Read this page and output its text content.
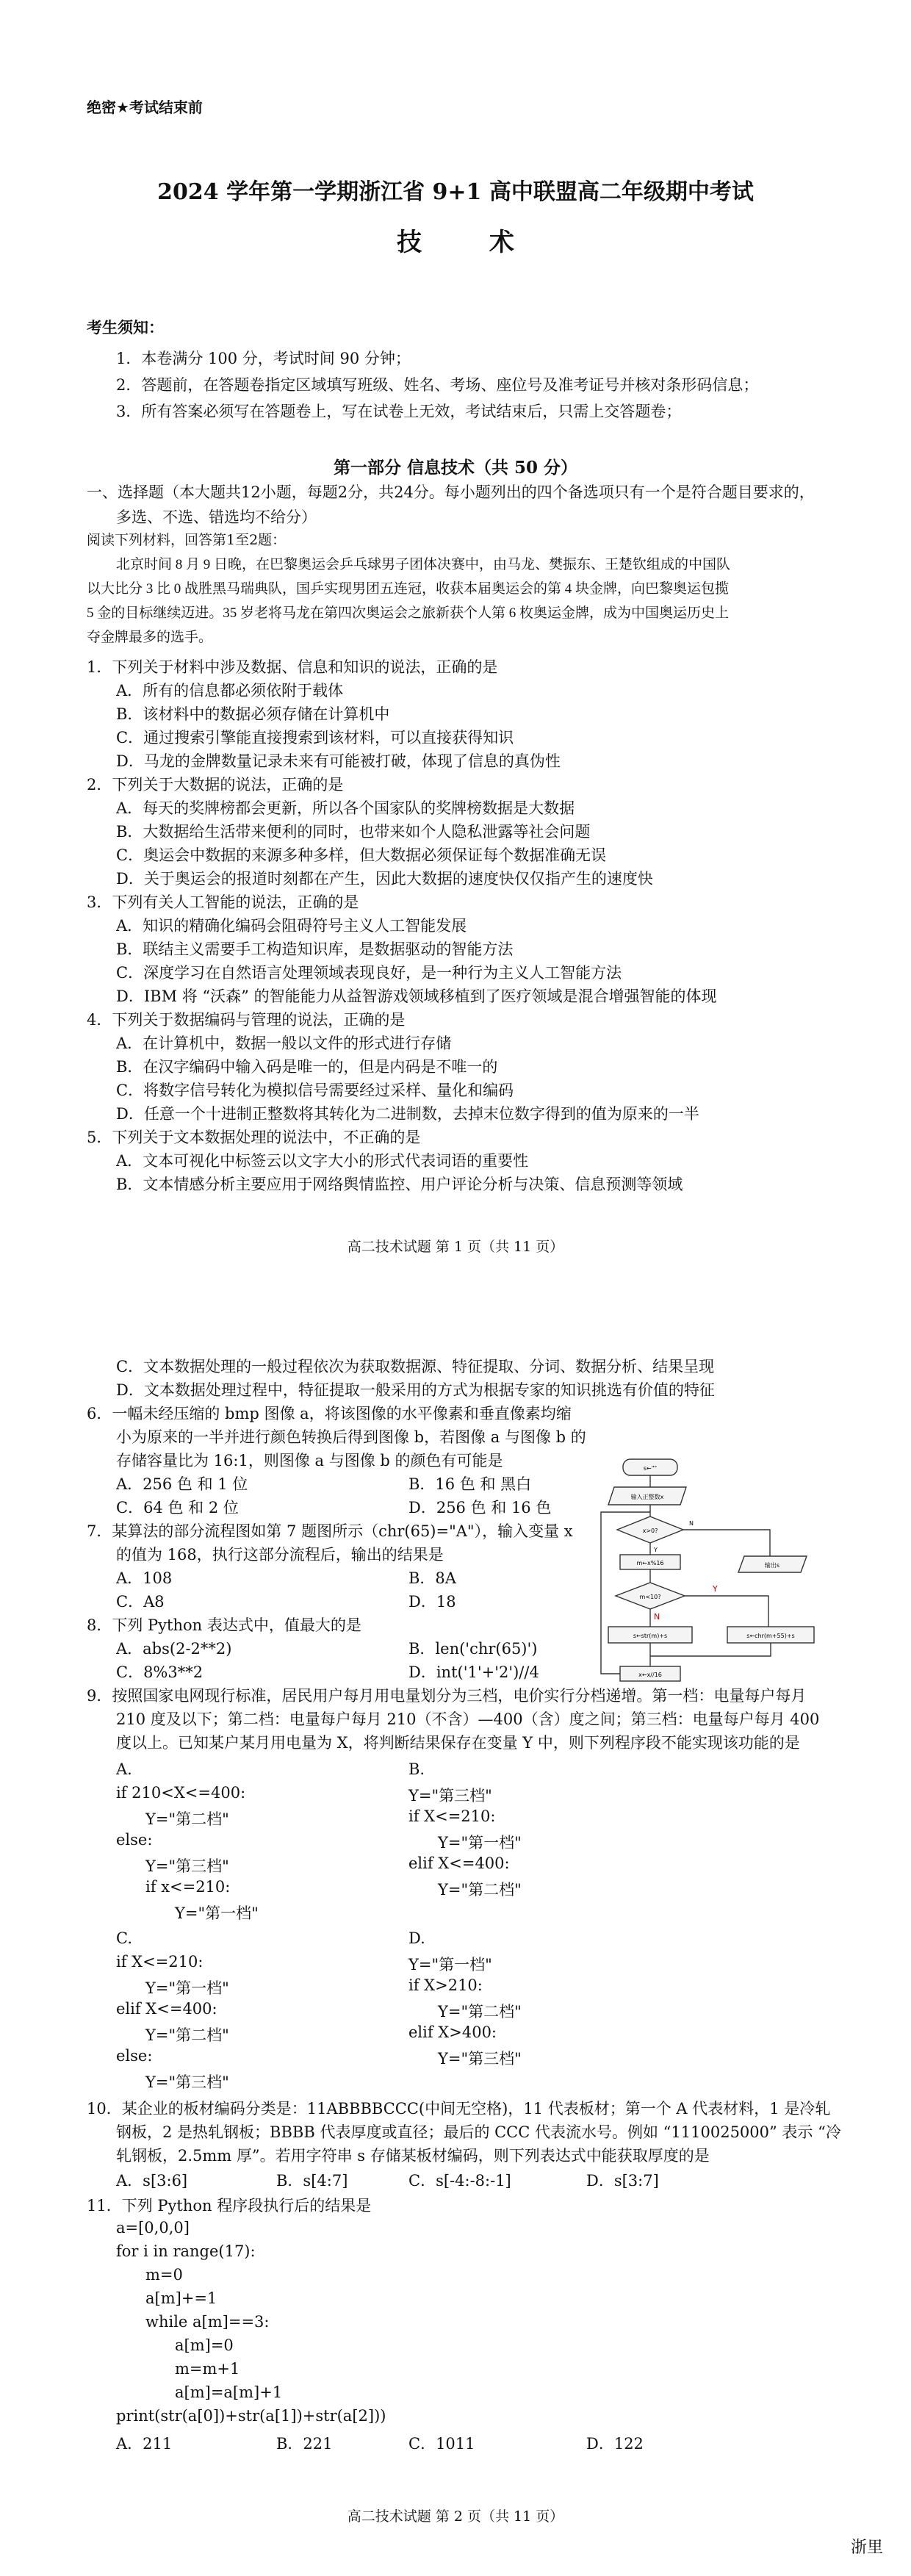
绝密★考试结束前
2024 学年第一学期浙江省 9+1 高中联盟高二年级期中考试
技 术
考生须知：
1．本卷满分 100 分，考试时间 90 分钟；
2．答题前，在答题卷指定区域填写班级、姓名、考场、座位号及准考证号并核对条形码信息；
3．所有答案必须写在答题卷上，写在试卷上无效，考试结束后，只需上交答题卷；
第一部分 信息技术（共 50 分）
一、选择题（本大题共12小题，每题2分，共24分。每小题列出的四个备选项只有一个是符合题目要求的，
多选、不选、错选均不给分）
阅读下列材料，回答第1至2题：
北京时间 8 月 9 日晚，在巴黎奥运会乒乓球男子团体决赛中，由马龙、樊振东、王楚钦组成的中国队
以大比分 3 比 0 战胜黑马瑞典队，国乒实现男团五连冠，收获本届奥运会的第 4 块金牌，向巴黎奥运包揽
5 金的目标继续迈进。35 岁老将马龙在第四次奥运会之旅新获个人第 6 枚奥运金牌，成为中国奥运历史上
夺金牌最多的选手。
1．下列关于材料中涉及数据、信息和知识的说法，正确的是
A．所有的信息都必须依附于载体
B．该材料中的数据必须存储在计算机中
C．通过搜索引擎能直接搜索到该材料，可以直接获得知识
D．马龙的金牌数量记录未来有可能被打破，体现了信息的真伪性
2．下列关于大数据的说法，正确的是
A．每天的奖牌榜都会更新，所以各个国家队的奖牌榜数据是大数据
B．大数据给生活带来便利的同时，也带来如个人隐私泄露等社会问题
C．奥运会中数据的来源多种多样，但大数据必须保证每个数据准确无误
D．关于奥运会的报道时刻都在产生，因此大数据的速度快仅仅指产生的速度快
3．下列有关人工智能的说法，正确的是
A．知识的精确化编码会阻碍符号主义人工智能发展
B．联结主义需要手工构造知识库，是数据驱动的智能方法
C．深度学习在自然语言处理领域表现良好，是一种行为主义人工智能方法
D．IBM 将 “沃森” 的智能能力从益智游戏领域移植到了医疗领域是混合增强智能的体现
4．下列关于数据编码与管理的说法，正确的是
A．在计算机中，数据一般以文件的形式进行存储
B．在汉字编码中输入码是唯一的，但是内码是不唯一的
C．将数字信号转化为模拟信号需要经过采样、量化和编码
D．任意一个十进制正整数将其转化为二进制数，去掉末位数字得到的值为原来的一半
5．下列关于文本数据处理的说法中，不正确的是
A．文本可视化中标签云以文字大小的形式代表词语的重要性
B．文本情感分析主要应用于网络舆情监控、用户评论分析与决策、信息预测等领域
高二技术试题 第 1 页（共 11 页）
C．文本数据处理的一般过程依次为获取数据源、特征提取、分词、数据分析、结果呈现
D．文本数据处理过程中，特征提取一般采用的方式为根据专家的知识挑选有价值的特征
6．一幅未经压缩的 bmp 图像 a，将该图像的水平像素和垂直像素均缩
小为原来的一半并进行颜色转换后得到图像 b，若图像 a 与图像 b 的
存储容量比为 16:1，则图像 a 与图像 b 的颜色有可能是
A．256 色 和 1 位	B．16 色 和 黑白
C．64 色 和 2 位	D．256 色 和 16 色
7．某算法的部分流程图如第 7 题图所示（chr(65)="A"），输入变量 x
的值为 168，执行这部分流程后，输出的结果是
A．108	B．8A
C．A8	D．18
8．下列 Python 表达式中，值最大的是
A．abs(2-2**2)	B．len('chr(65)')
C．8%3**2	D．int('1'+'2')//4
s←""
输入正整数x
x>0?
N
输出s
Y
m←x%16
m<10?
Y
N
s←str(m)+s	s←chr(m+55)+s
x←x//16
9．按照国家电网现行标准，居民用户每月用电量划分为三档，电价实行分档递增。第一档：电量每户每月
210 度及以下；第二档：电量每户每月 210（不含）—400（含）度之间；第三档：电量每户每月 400
度以上。已知某户某月用电量为 X，将判断结果保存在变量 Y 中，则下列程序段不能实现该功能的是
A.
if 210<X<=400:
Y="第二档"
else:
Y="第三档"
if x<=210:
Y="第一档"
B.
Y="第三档"
if X<=210:
Y="第一档"
elif X<=400:
Y="第二档"
C.
if X<=210:
Y="第一档"
elif X<=400:
Y="第二档"
else:
Y="第三档"
D.
Y="第一档"
if X>210:
Y="第二档"
elif X>400:
Y="第三档"
10．某企业的板材编码分类是：11ABBBBCCC(中间无空格)，11 代表板材；第一个 A 代表材料，1 是冷轧
钢板，2 是热轧钢板；BBBB 代表厚度或直径；最后的 CCC 代表流水号。例如 “1110025000” 表示 “冷
轧钢板，2.5mm 厚”。若用字符串 s 存储某板材编码，则下列表达式中能获取厚度的是
A．s[3:6]	B．s[4:7]	C．s[-4:-8:-1]	D．s[3:7]
11．下列 Python 程序段执行后的结果是
a=[0,0,0]
for i in range(17):
m=0
a[m]+=1
while a[m]==3:
a[m]=0
m=m+1
a[m]=a[m]+1
print(str(a[0])+str(a[1])+str(a[2]))
A．211	B．221	C．1011	D．122
高二技术试题 第 2 页（共 11 页）
浙里
